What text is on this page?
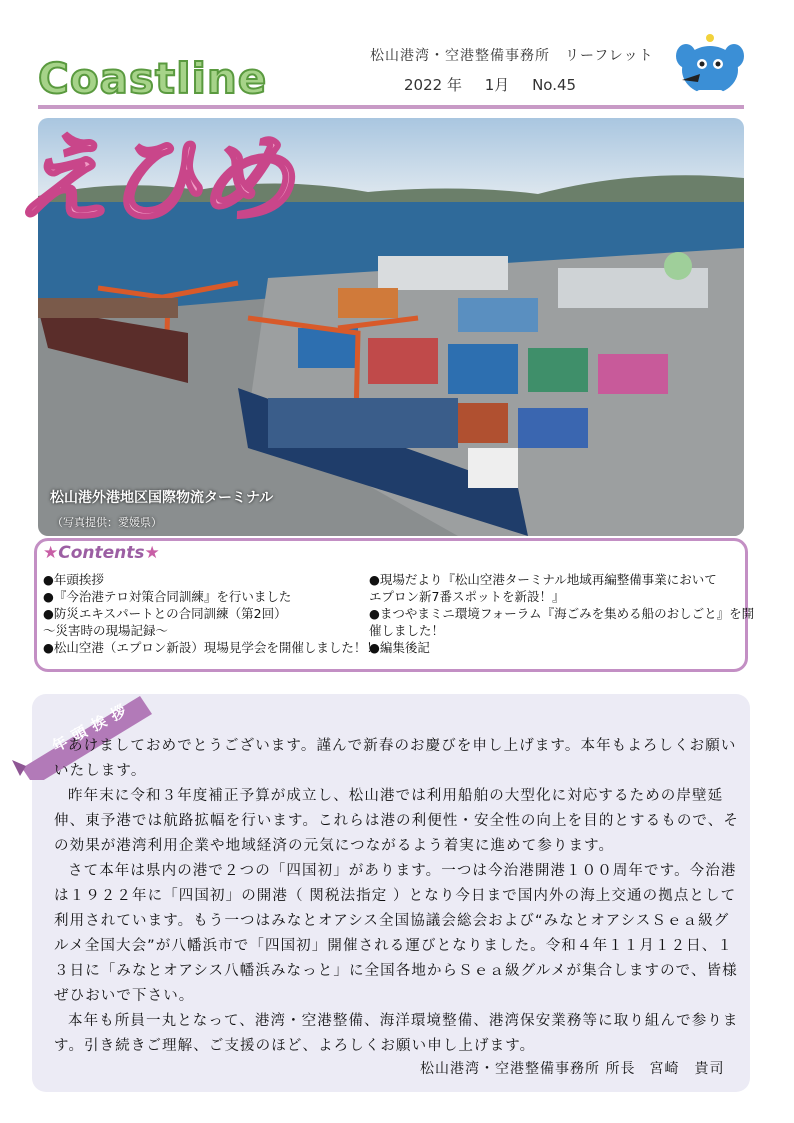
Coastline	松山港湾・空港整備事務所　リーフレット
2022 年 1月 No.45
えひめ
松山港外港地区国際物流ターミナル
（写真提供：愛媛県）
★Contents★
●年頭挨拶
●『今治港テロ対策合同訓練』を行いました
●防災エキスパートとの合同訓練（第2回）
～災害時の現場記録～
●松山空港（エプロン新設）現場見学会を開催しました！！
●現場だより『松山空港ターミナル地域再編整備事業において
エプロン新7番スポットを新設！』
●まつやまミニ環境フォーラム『海ごみを集める船のおしごと』を開
催しました！
●編集後記
年頭挨拶

あけましておめでとうございます。謹んで新春のお慶びを申し上げます。本年もよろしくお願いいたします。

昨年末に令和３年度補正予算が成立し、松山港では利用船舶の大型化に対応するための岸壁延伸、東予港では航路拡幅を行います。これらは港の利便性・安全性の向上を目的とするもので、その効果が港湾利用企業や地域経済の元気につながるよう着実に進めて参ります。

さて本年は県内の港で２つの「四国初」があります。一つは今治港開港１００周年です。今治港は１９２２年に「四国初」の開港（ 関税法指定 ）となり今日まで国内外の海上交通の拠点として利用されています。もう一つはみなとオアシス全国協議会総会および“みなとオアシスＳｅａ級グルメ全国大会”が八幡浜市で「四国初」開催される運びとなりました。令和４年１１月１２日、１３日に「みなとオアシス八幡浜みなっと」に全国各地からＳｅａ級グルメが集合しますので、皆様ぜひおいで下さい。

本年も所員一丸となって、港湾・空港整備、海洋環境整備、港湾保安業務等に取り組んで参ります。引き続きご理解、ご支援のほど、よろしくお願い申し上げます。

松山港湾・空港整備事務所 所長 宮崎　貴司
